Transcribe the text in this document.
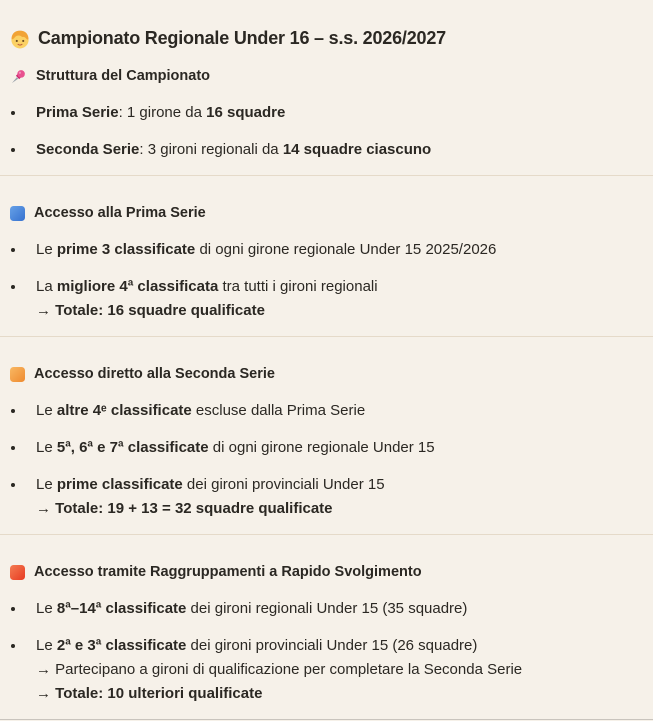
Campionato Regionale Under 16 – s.s. 2026/2027
Struttura del Campionato
Prima Serie: 1 girone da 16 squadre
Seconda Serie: 3 gironi regionali da 14 squadre ciascuno
Accesso alla Prima Serie
Le prime 3 classificate di ogni girone regionale Under 15 2025/2026
La migliore 4ª classificata tra tutti i gironi regionali
→ Totale: 16 squadre qualificate
Accesso diretto alla Seconda Serie
Le altre 4ᵉ classificate escluse dalla Prima Serie
Le 5ª, 6ª e 7ª classificate di ogni girone regionale Under 15
Le prime classificate dei gironi provinciali Under 15
→ Totale: 19 + 13 = 32 squadre qualificate
Accesso tramite Raggruppamenti a Rapido Svolgimento
Le 8ª–14ª classificate dei gironi regionali Under 15 (35 squadre)
Le 2ª e 3ª classificate dei gironi provinciali Under 15 (26 squadre)
→ Partecipano a gironi di qualificazione per completare la Seconda Serie
→ Totale: 10 ulteriori qualificate
